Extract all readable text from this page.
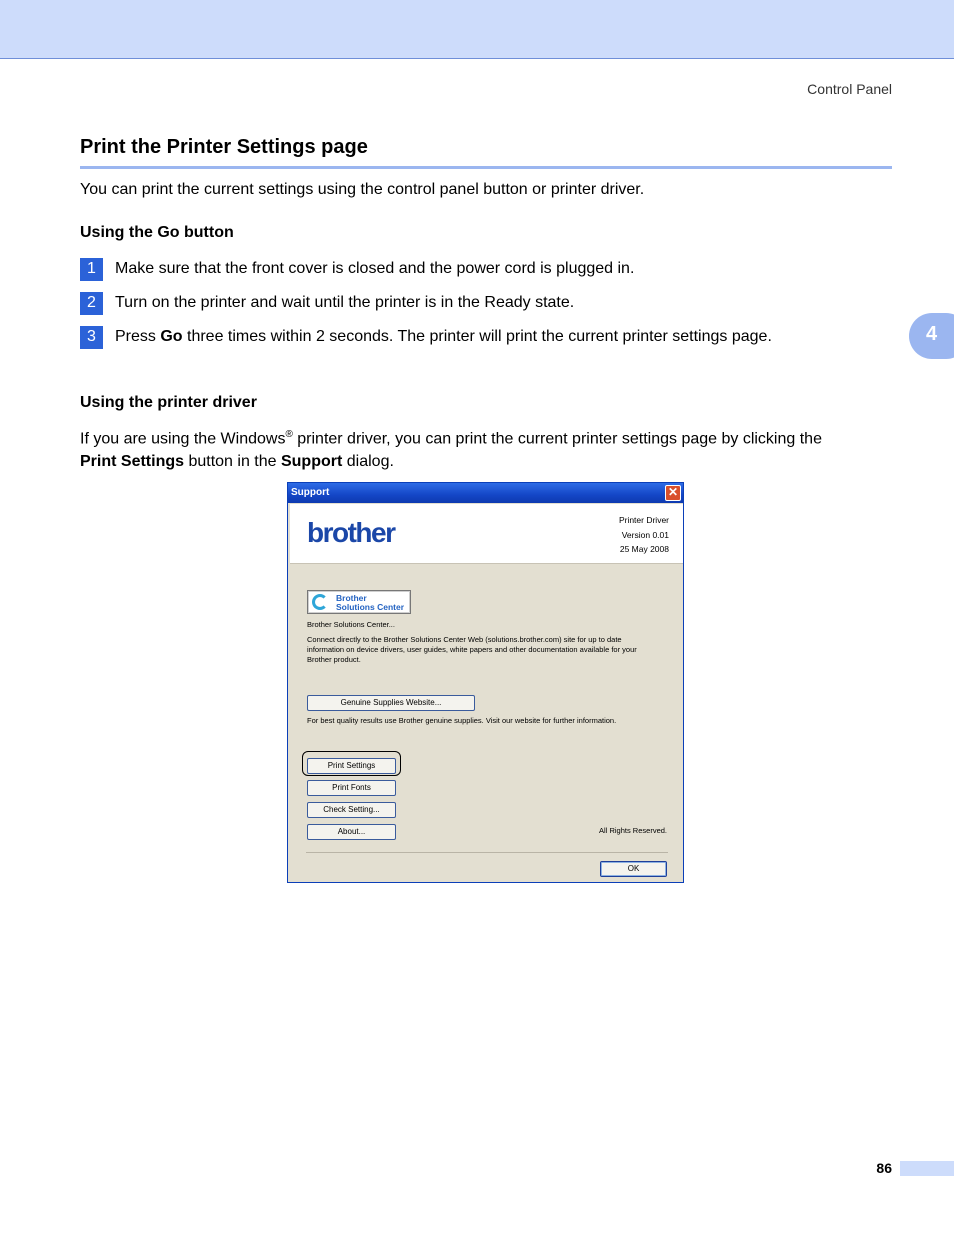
Control Panel
Print the Printer Settings page

You can print the current settings using the control panel button or printer driver.

Using the Go button
1	Make sure that the front cover is closed and the power cord is plugged in.
2	Turn on the printer and wait until the printer is in the Ready state.
3	Press Go three times within 2 seconds. The printer will print the current printer settings page.	4
Using the printer driver

If you are using the Windows® printer driver, you can print the current printer settings page by clicking the
Print Settings button in the Support dialog.

Support	✕
brother	Printer Driver
Version 0.01
25 May 2008
Brother
Solutions Center
Brother Solutions Center...
Connect directly to the Brother Solutions Center Web (solutions.brother.com) site for up to date
information on device drivers, user guides, white papers and other documentation available for your
Brother product.
Genuine Supplies Website...
For best quality results use Brother genuine supplies. Visit our website for further information.
Print Settings
Print Fonts
Check Setting...
About...	All Rights Reserved.
OK
86
